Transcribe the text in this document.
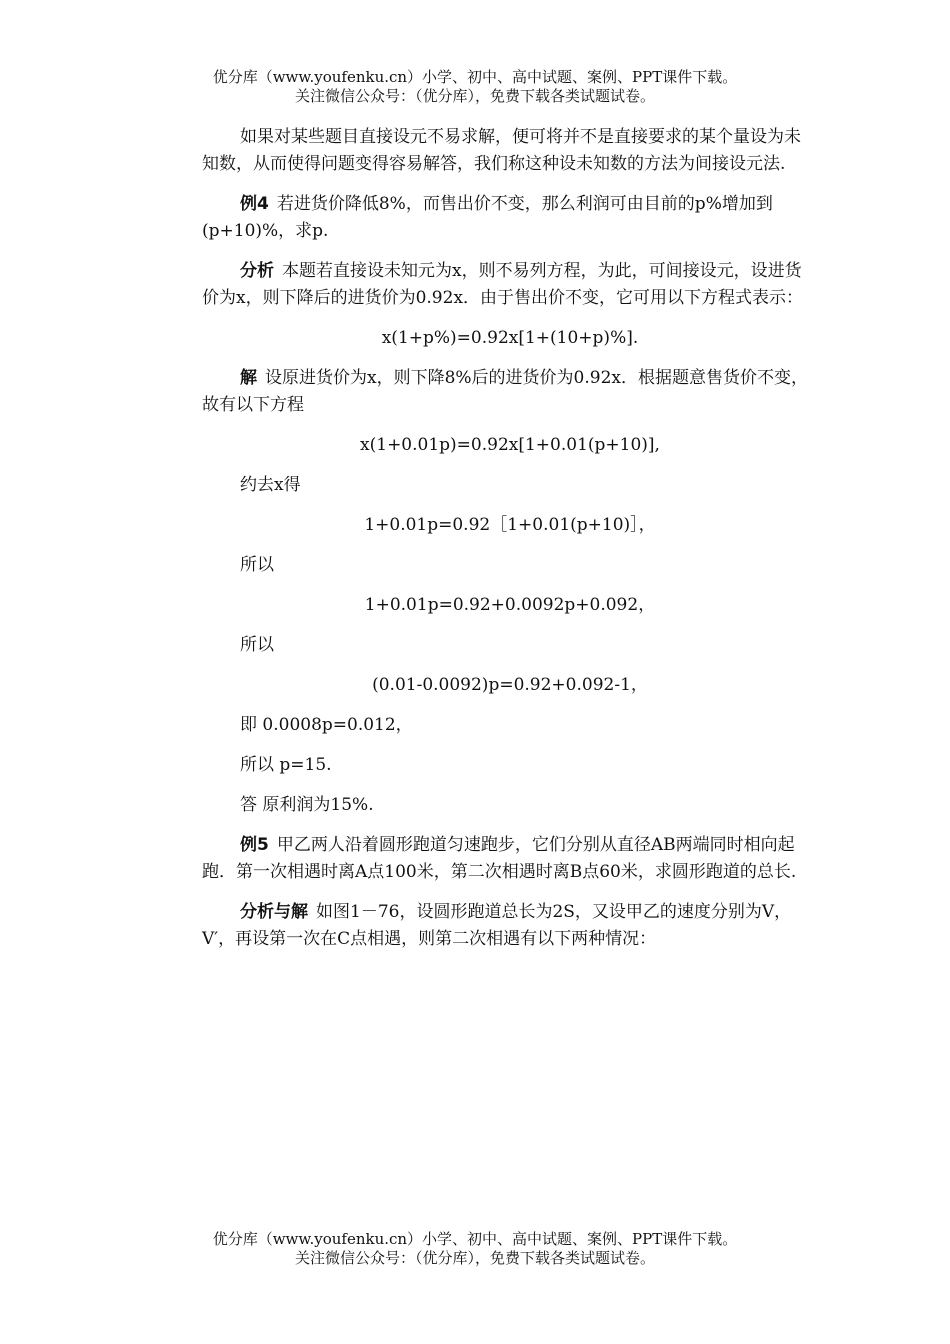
优分库（www.youfenku.cn）小学、初中、高中试题、案例、PPT课件下载。
关注微信公众号：（优分库），免费下载各类试题试卷。

如果对某些题目直接设元不易求解，便可将并不是直接要求的某个量设为未知数，从而使得问题变得容易解答，我们称这种设未知数的方法为间接设元法.

例4 若进货价降低8%，而售出价不变，那么利润可由目前的p%增加到(p+10)%，求p.

分析 本题若直接设未知元为x，则不易列方程，为此，可间接设元，设进货价为x，则下降后的进货价为0.92x．由于售出价不变，它可用以下方程式表示：

x(1+p%)=0.92x[1+(10+p)%].

解 设原进货价为x，则下降8%后的进货价为0.92x．根据题意售货价不变，故有以下方程

x(1+0.01p)=0.92x[1+0.01(p+10)],
约去x得
1+0.01p=0.92［1+0.01(p+10)］，
所以
1+0.01p=0.92+0.0092p+0.092，
所以
(0.01-0.0092)p=0.92+0.092-1，
即 0.0008p=0.012，
所以 p=15.
答 原利润为15%.

例5 甲乙两人沿着圆形跑道匀速跑步，它们分别从直径AB两端同时相向起跑．第一次相遇时离A点100米，第二次相遇时离B点60米，求圆形跑道的总长.

分析与解 如图1－76，设圆形跑道总长为2S，又设甲乙的速度分别为V，V′，再设第一次在C点相遇，则第二次相遇有以下两种情况：

优分库（www.youfenku.cn）小学、初中、高中试题、案例、PPT课件下载。
关注微信公众号：（优分库），免费下载各类试题试卷。
